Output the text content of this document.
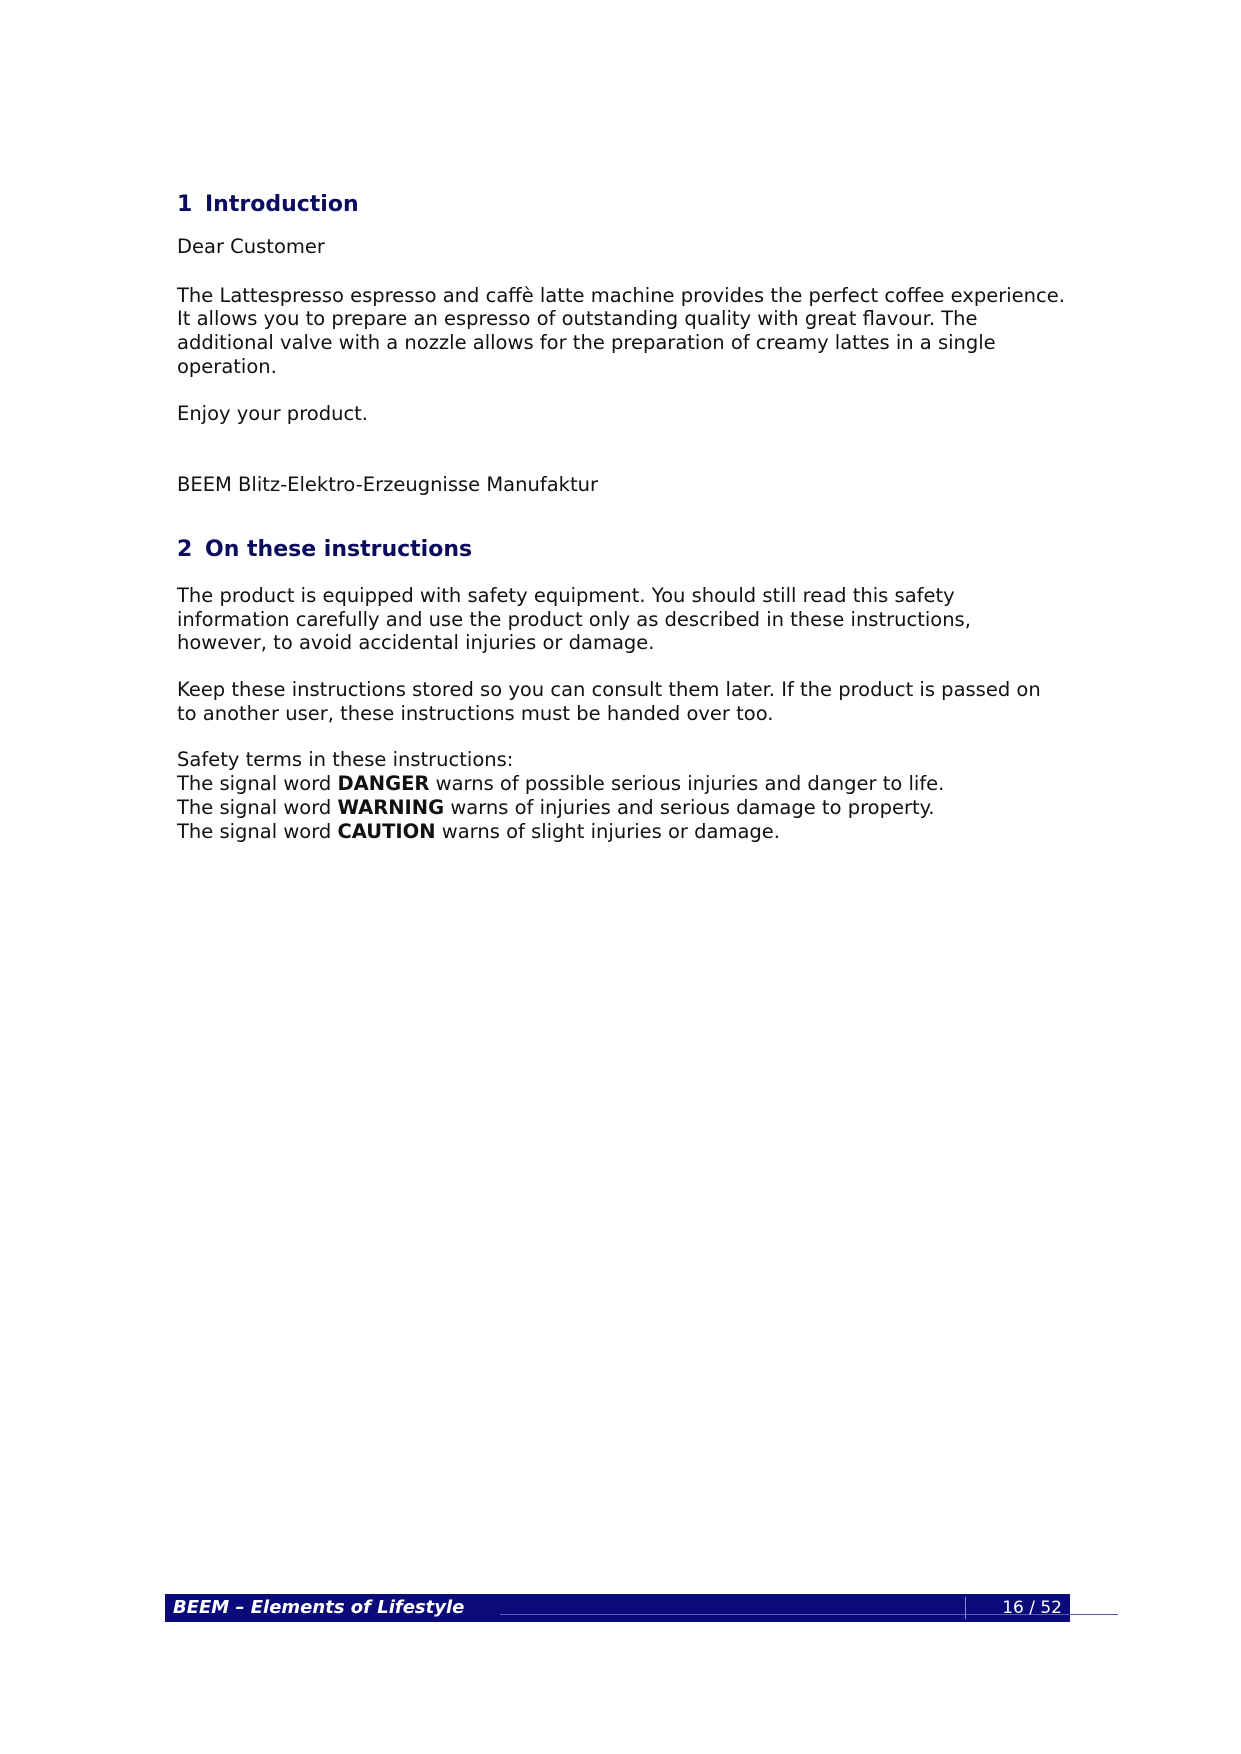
1 Introduction

Dear Customer

The Lattespresso espresso and caffè latte machine provides the perfect coffee experience.
It allows you to prepare an espresso of outstanding quality with great flavour. The
additional valve with a nozzle allows for the preparation of creamy lattes in a single
operation.

Enjoy your product.

BEEM Blitz-Elektro-Erzeugnisse Manufaktur

2 On these instructions

The product is equipped with safety equipment. You should still read this safety
information carefully and use the product only as described in these instructions,
however, to avoid accidental injuries or damage.

Keep these instructions stored so you can consult them later. If the product is passed on
to another user, these instructions must be handed over too.

Safety terms in these instructions:
The signal word DANGER warns of possible serious injuries and danger to life.
The signal word WARNING warns of injuries and serious damage to property.
The signal word CAUTION warns of slight injuries or damage.

BEEM – Elements of Lifestyle	16 / 52
